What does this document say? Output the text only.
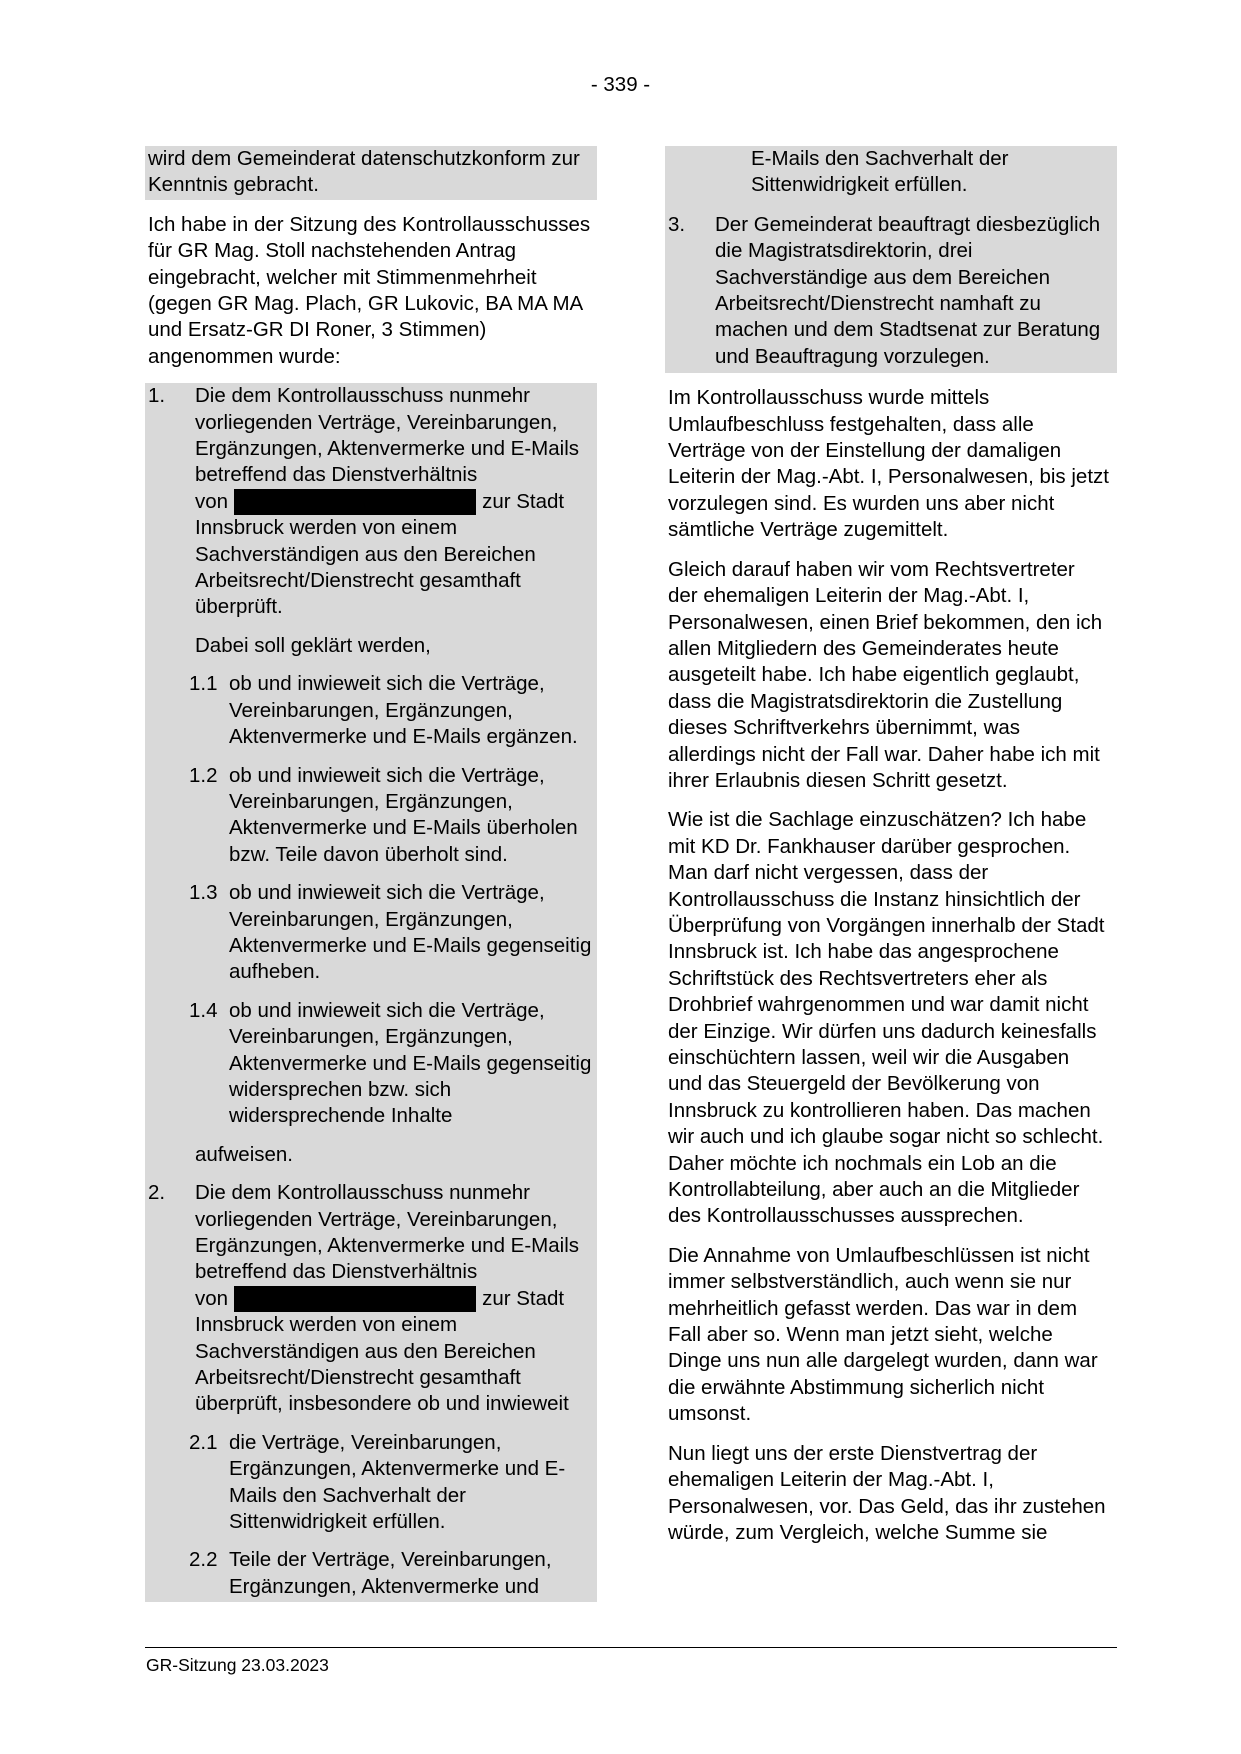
- 339 -

wird dem Gemeinderat datenschutzkonform zur Kenntnis gebracht.

Ich habe in der Sitzung des Kontrollausschusses für GR Mag. Stoll nachstehenden Antrag eingebracht, welcher mit Stimmenmehrheit (gegen GR Mag. Plach, GR Lukovic, BA MA MA und Ersatz-GR DI Roner, 3 Stimmen) angenommen wurde:

1.	Die dem Kontrollausschuss nunmehr vorliegenden Verträge, Vereinbarungen, Ergänzungen, Aktenvermerke und E-Mails betreffend das Dienstverhältnis
von	zur Stadt
Innsbruck werden von einem Sachverständigen aus den Bereichen Arbeitsrecht/Dienstrecht gesamthaft überprüft.

Dabei soll geklärt werden,

1.1 ob und inwieweit sich die Verträge, Vereinbarungen, Ergänzungen, Aktenvermerke und E-Mails ergänzen.
1.2 ob und inwieweit sich die Verträge, Vereinbarungen, Ergänzungen, Aktenvermerke und E-Mails überholen bzw. Teile davon überholt sind.
1.3 ob und inwieweit sich die Verträge, Vereinbarungen, Ergänzungen, Aktenvermerke und E-Mails gegenseitig aufheben.
1.4 ob und inwieweit sich die Verträge, Vereinbarungen, Ergänzungen, Aktenvermerke und E-Mails gegenseitig widersprechen bzw. sich widersprechende Inhalte

aufweisen.

2.	Die dem Kontrollausschuss nunmehr vorliegenden Verträge, Vereinbarungen, Ergänzungen, Aktenvermerke und E-Mails betreffend das Dienstverhältnis
von	zur Stadt
Innsbruck werden von einem Sachverständigen aus den Bereichen Arbeitsrecht/Dienstrecht gesamthaft überprüft, insbesondere ob und inwieweit
2.1 die Verträge, Vereinbarungen, Ergänzungen, Aktenvermerke und E-Mails den Sachverhalt der Sittenwidrigkeit erfüllen.
2.2 Teile der Verträge, Vereinbarungen, Ergänzungen, Aktenvermerke und

E-Mails den Sachverhalt der Sittenwidrigkeit erfüllen.

3.	Der Gemeinderat beauftragt diesbezüglich die Magistratsdirektorin, drei Sachverständige aus dem Bereichen Arbeitsrecht/Dienstrecht namhaft zu machen und dem Stadtsenat zur Beratung und Beauftragung vorzulegen.

Im Kontrollausschuss wurde mittels Umlaufbeschluss festgehalten, dass alle Verträge von der Einstellung der damaligen Leiterin der Mag.-Abt. I, Personalwesen, bis jetzt vorzulegen sind. Es wurden uns aber nicht sämtliche Verträge zugemittelt.

Gleich darauf haben wir vom Rechtsvertreter der ehemaligen Leiterin der Mag.-Abt. I, Personalwesen, einen Brief bekommen, den ich allen Mitgliedern des Gemeinderates heute ausgeteilt habe. Ich habe eigentlich geglaubt, dass die Magistratsdirektorin die Zustellung dieses Schriftverkehrs übernimmt, was allerdings nicht der Fall war. Daher habe ich mit ihrer Erlaubnis diesen Schritt gesetzt.

Wie ist die Sachlage einzuschätzen? Ich habe mit KD Dr. Fankhauser darüber gesprochen. Man darf nicht vergessen, dass der Kontrollausschuss die Instanz hinsichtlich der Überprüfung von Vorgängen innerhalb der Stadt Innsbruck ist. Ich habe das angesprochene Schriftstück des Rechtsvertreters eher als Drohbrief wahrgenommen und war damit nicht der Einzige. Wir dürfen uns dadurch keinesfalls einschüchtern lassen, weil wir die Ausgaben und das Steuergeld der Bevölkerung von Innsbruck zu kontrollieren haben. Das machen wir auch und ich glaube sogar nicht so schlecht. Daher möchte ich nochmals ein Lob an die Kontrollabteilung, aber auch an die Mitglieder des Kontrollausschusses aussprechen.

Die Annahme von Umlaufbeschlüssen ist nicht immer selbstverständlich, auch wenn sie nur mehrheitlich gefasst werden. Das war in dem Fall aber so. Wenn man jetzt sieht, welche Dinge uns nun alle dargelegt wurden, dann war die erwähnte Abstimmung sicherlich nicht umsonst.

Nun liegt uns der erste Dienstvertrag der ehemaligen Leiterin der Mag.-Abt. I, Personalwesen, vor. Das Geld, das ihr zustehen würde, zum Vergleich, welche Summe sie

GR-Sitzung 23.03.2023
